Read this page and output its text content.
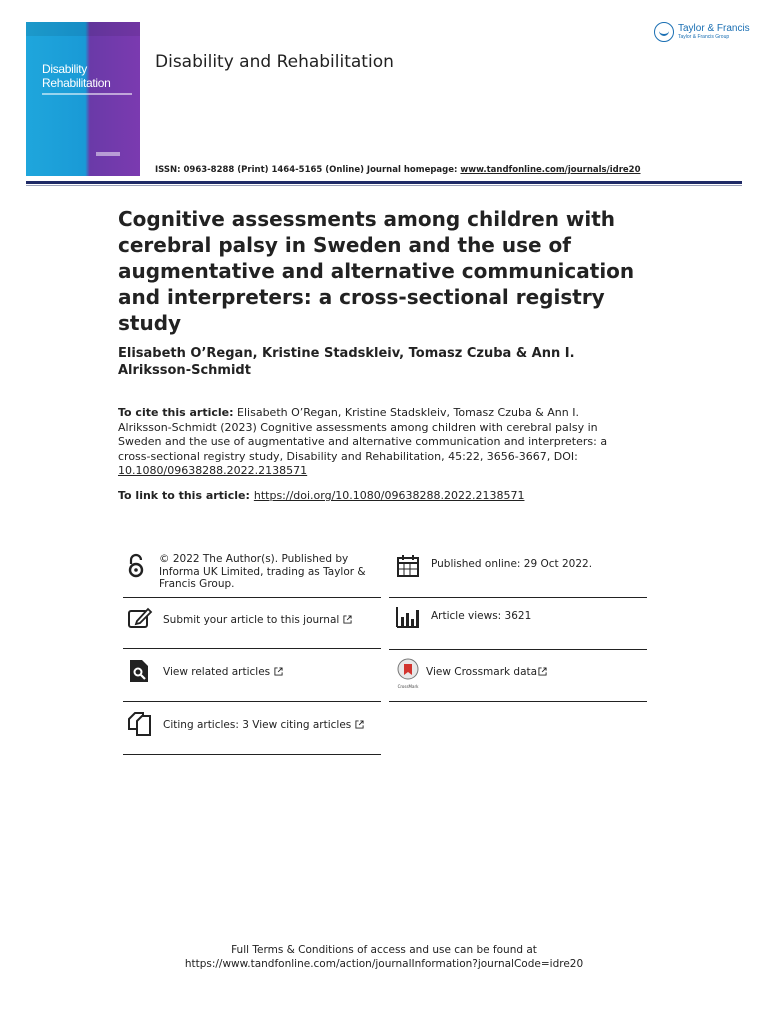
Disability
Rehabilitation
Disability and Rehabilitation
Taylor & Francis
Taylor & Francis Group
ISSN: 0963-8288 (Print) 1464-5165 (Online) Journal homepage: www.tandfonline.com/journals/idre20
Cognitive assessments among children with cerebral palsy in Sweden and the use of augmentative and alternative communication and interpreters: a cross-sectional registry study
Elisabeth O’Regan, Kristine Stadskleiv, Tomasz Czuba & Ann I. Alriksson-Schmidt
To cite this article: Elisabeth O’Regan, Kristine Stadskleiv, Tomasz Czuba & Ann I. Alriksson-Schmidt (2023) Cognitive assessments among children with cerebral palsy in Sweden and the use of augmentative and alternative communication and interpreters: a cross-sectional registry study, Disability and Rehabilitation, 45:22, 3656-3667, DOI: 10.1080/09638288.2022.2138571
To link to this article: https://doi.org/10.1080/09638288.2022.2138571
© 2022 The Author(s). Published by Informa UK Limited, trading as Taylor & Francis Group.
Published online: 29 Oct 2022.
Submit your article to this journal	Article views: 3621
View related articles
CrossMark
View Crossmark data
Citing articles: 3 View citing articles
Full Terms & Conditions of access and use can be found at
https://www.tandfonline.com/action/journalInformation?journalCode=idre20
